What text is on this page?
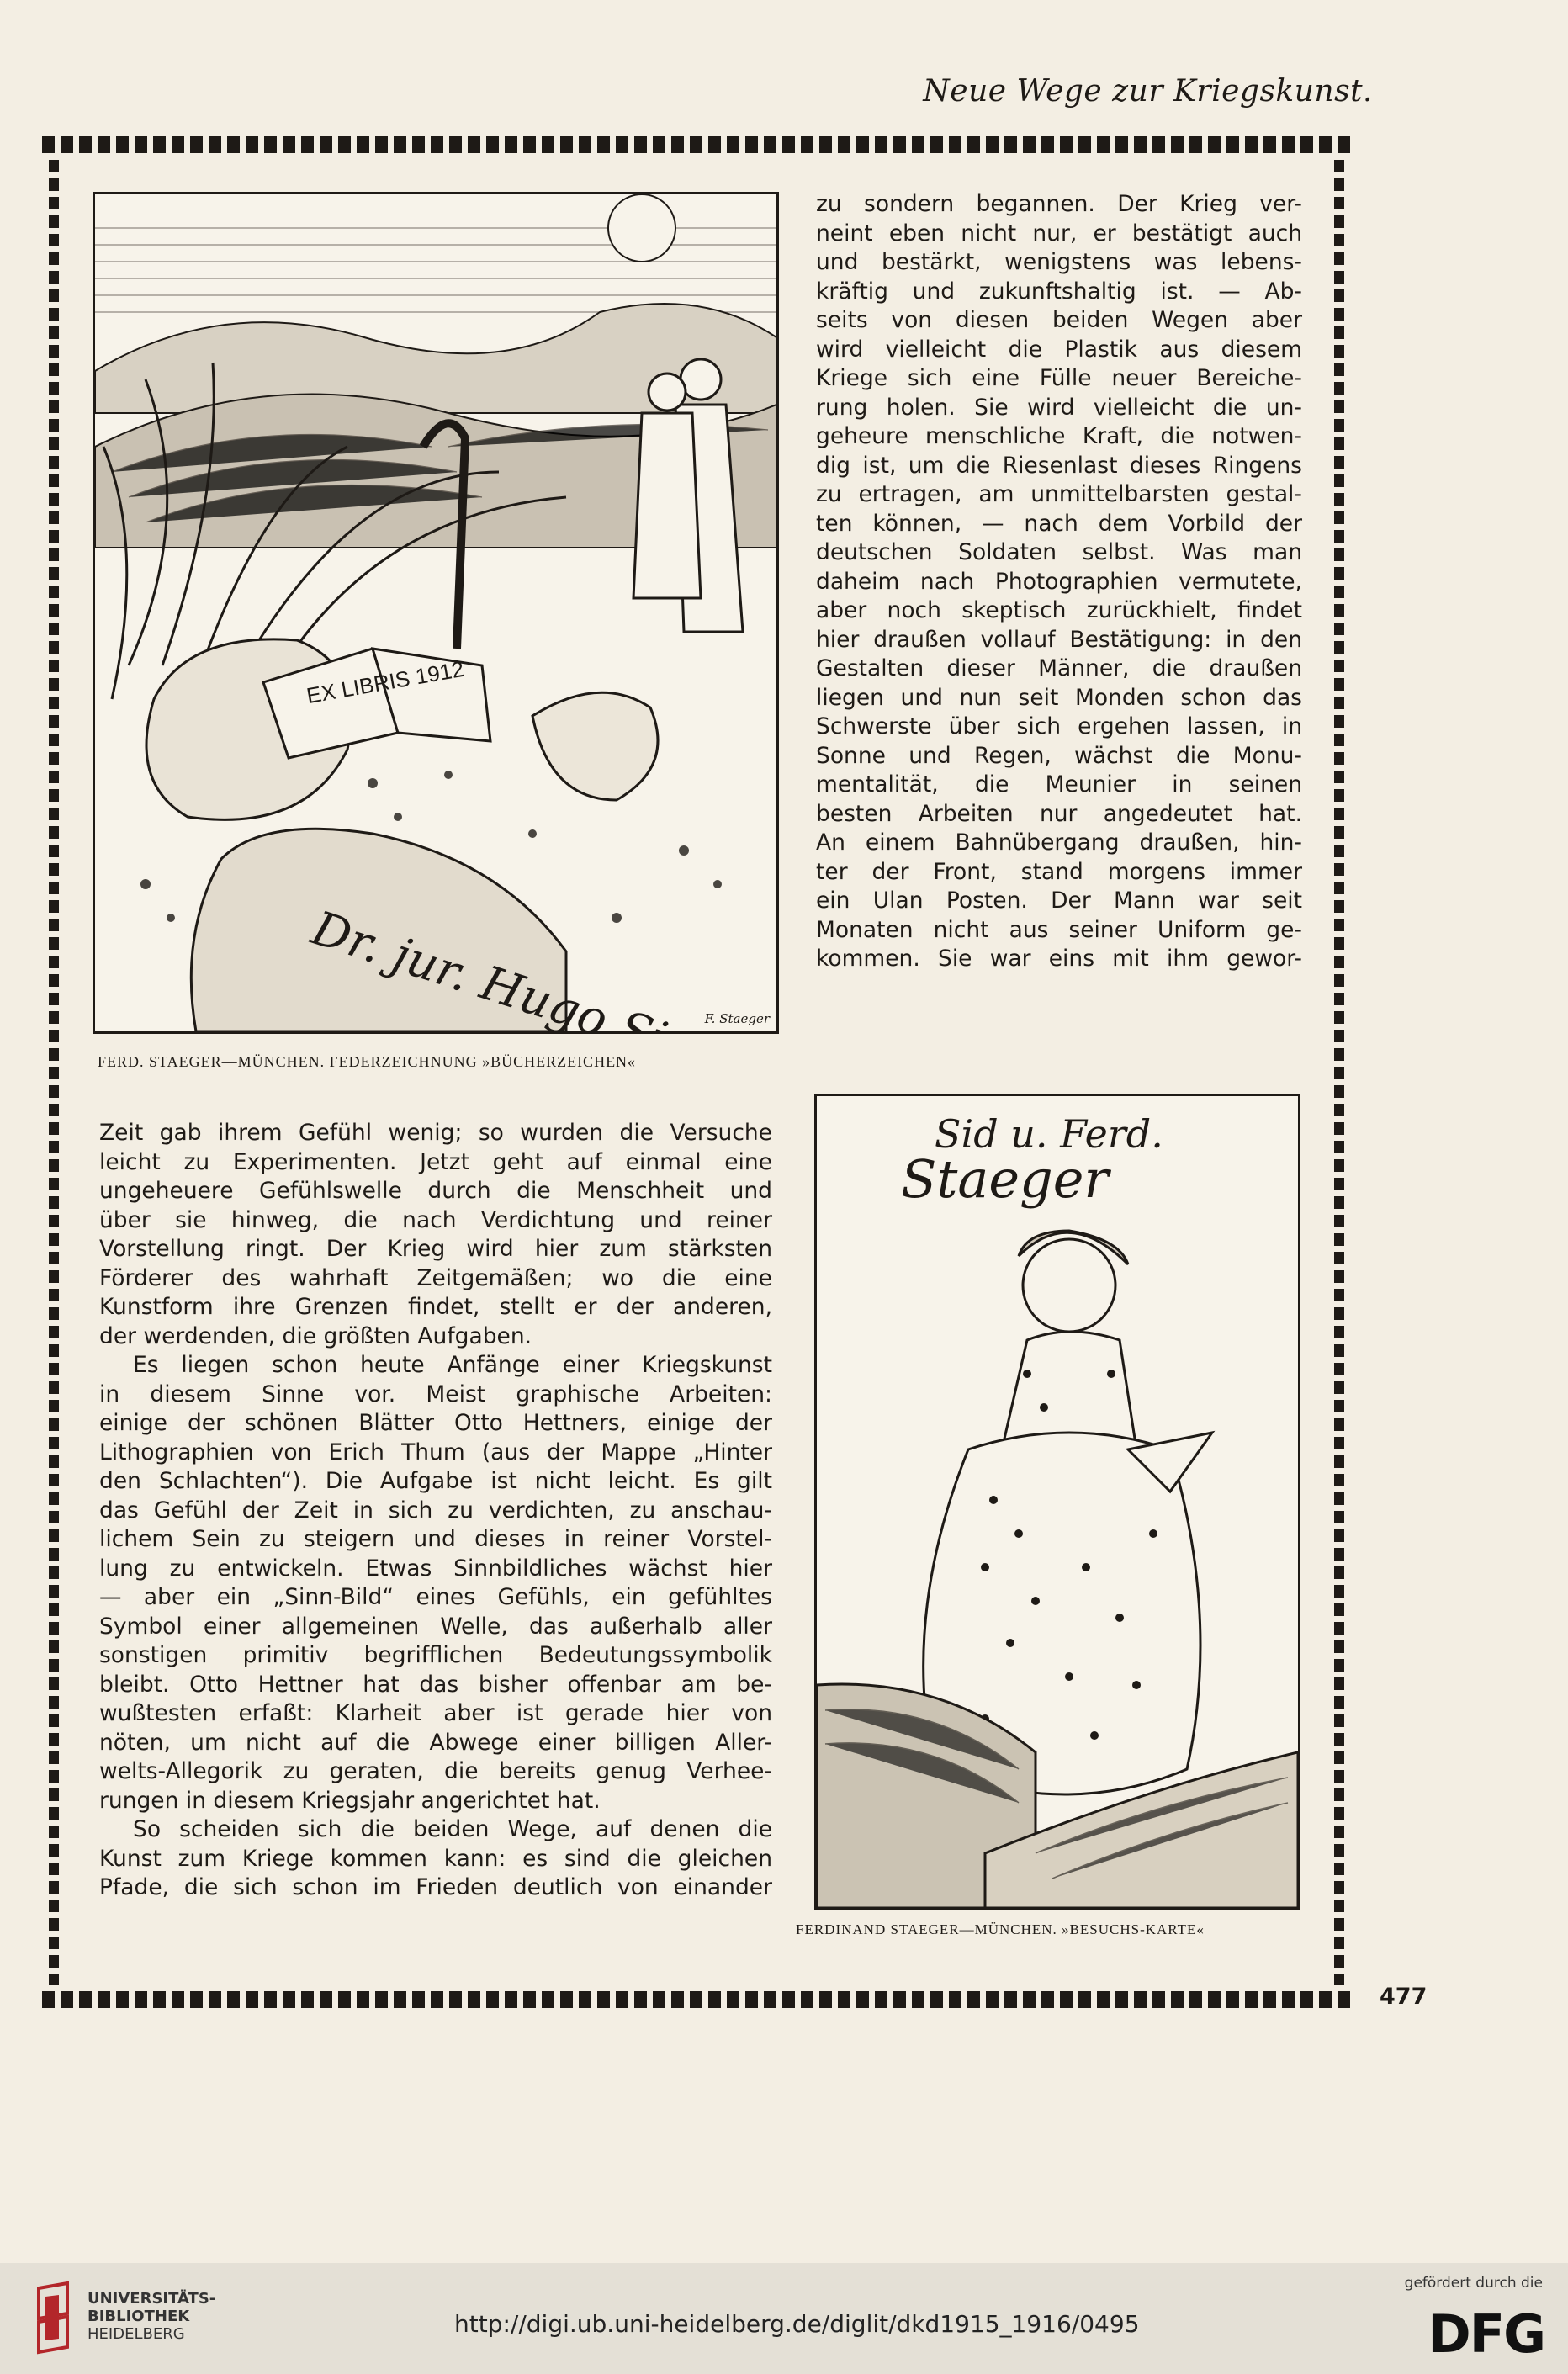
Neue Wege zur Kriegskunst.
EX LIBRIS 1912
Dr. jur. Hugo	F. Staeger
FERD. STAEGER—MÜNCHEN. FEDERZEICHNUNG »BÜCHERZEICHEN«
zu sondern begannen. Der Krieg ver-
neint eben nicht nur, er bestätigt auch
und bestärkt, wenigstens was lebens-
kräftig und zukunftshaltig ist. — Ab-
seits von diesen beiden Wegen aber
wird vielleicht die Plastik aus diesem
Kriege sich eine Fülle neuer Bereiche-
rung holen. Sie wird vielleicht die un-
geheure menschliche Kraft, die notwen-
dig ist, um die Riesenlast dieses Ringens
zu ertragen, am unmittelbarsten gestal-
ten können, — nach dem Vorbild der
deutschen Soldaten selbst. Was man
daheim nach Photographien vermutete,
aber noch skeptisch zurückhielt, findet
hier draußen vollauf Bestätigung: in den
Gestalten dieser Männer, die draußen
liegen und nun seit Monden schon das
Schwerste über sich ergehen lassen, in
Sonne und Regen, wächst die Monu-
mentalität, die Meunier in seinen
besten Arbeiten nur angedeutet hat.
An einem Bahnübergang draußen, hin-
ter der Front, stand morgens immer
ein Ulan Posten. Der Mann war seit
Monaten nicht aus seiner Uniform ge-
kommen. Sie war eins mit ihm gewor-
Sid u. Ferd.
Staeger
FERDINAND STAEGER—MÜNCHEN. »BESUCHS-KARTE«
Zeit gab ihrem Gefühl wenig; so wurden die Versuche
leicht zu Experimenten. Jetzt geht auf einmal eine
ungeheuere Gefühlswelle durch die Menschheit und
über sie hinweg, die nach Verdichtung und reiner
Vorstellung ringt. Der Krieg wird hier zum stärksten
Förderer des wahrhaft Zeitgemäßen; wo die eine
Kunstform ihre Grenzen findet, stellt er der anderen,
der werdenden, die größten Aufgaben.
Es liegen schon heute Anfänge einer Kriegskunst
in diesem Sinne vor. Meist graphische Arbeiten:
einige der schönen Blätter Otto Hettners, einige der
Lithographien von Erich Thum (aus der Mappe „Hinter
den Schlachten“). Die Aufgabe ist nicht leicht. Es gilt
das Gefühl der Zeit in sich zu verdichten, zu anschau-
lichem Sein zu steigern und dieses in reiner Vorstel-
lung zu entwickeln. Etwas Sinnbildliches wächst hier
— aber ein „Sinn-Bild“ eines Gefühls, ein gefühltes
Symbol einer allgemeinen Welle, das außerhalb aller
sonstigen primitiv begrifflichen Bedeutungssymbolik
bleibt. Otto Hettner hat das bisher offenbar am be-
wußtesten erfaßt: Klarheit aber ist gerade hier von
nöten, um nicht auf die Abwege einer billigen Aller-
welts-Allegorik zu geraten, die bereits genug Verhee-
rungen in diesem Kriegsjahr angerichtet hat.
So scheiden sich die beiden Wege, auf denen die
Kunst zum Kriege kommen kann: es sind die gleichen
Pfade, die sich schon im Frieden deutlich von einander
477
UNIVERSITÄTS-
BIBLIOTHEK
HEIDELBERG	http://digi.ub.uni-heidelberg.de/diglit/dkd1915_1916/0495
gefördert durch die
DFG
